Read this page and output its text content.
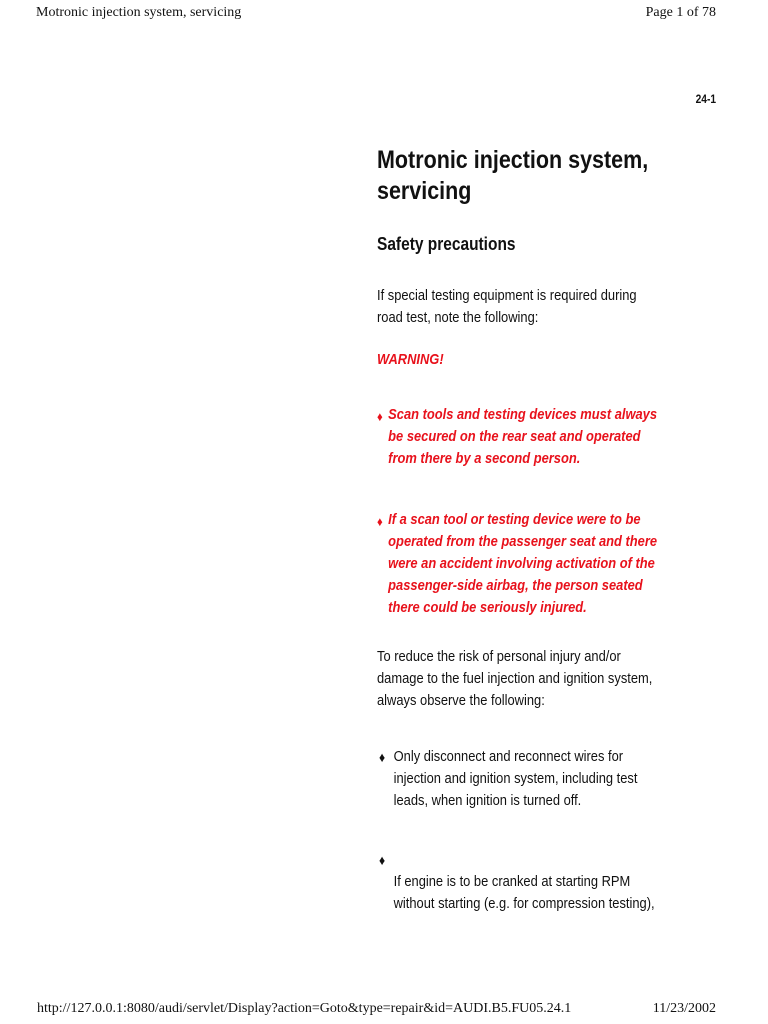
Motronic injection system, servicing	Page 1 of 78
24-1
Motronic injection system,
servicing
Safety precautions
If special testing equipment is required during
road test, note the following:
WARNING!
♦ Scan tools and testing devices must always
be secured on the rear seat and operated
from there by a second person.
♦ If a scan tool or testing device were to be
operated from the passenger seat and there
were an accident involving activation of the
passenger-side airbag, the person seated
there could be seriously injured.
To reduce the risk of personal injury and/or
damage to the fuel injection and ignition system,
always observe the following:
♦ Only disconnect and reconnect wires for
injection and ignition system, including test
leads, when ignition is turned off.
♦
If engine is to be cranked at starting RPM
without starting (e.g. for compression testing),
http://127.0.0.1:8080/audi/servlet/Display?action=Goto&type=repair&id=AUDI.B5.FU05.24.1	11/23/2002
